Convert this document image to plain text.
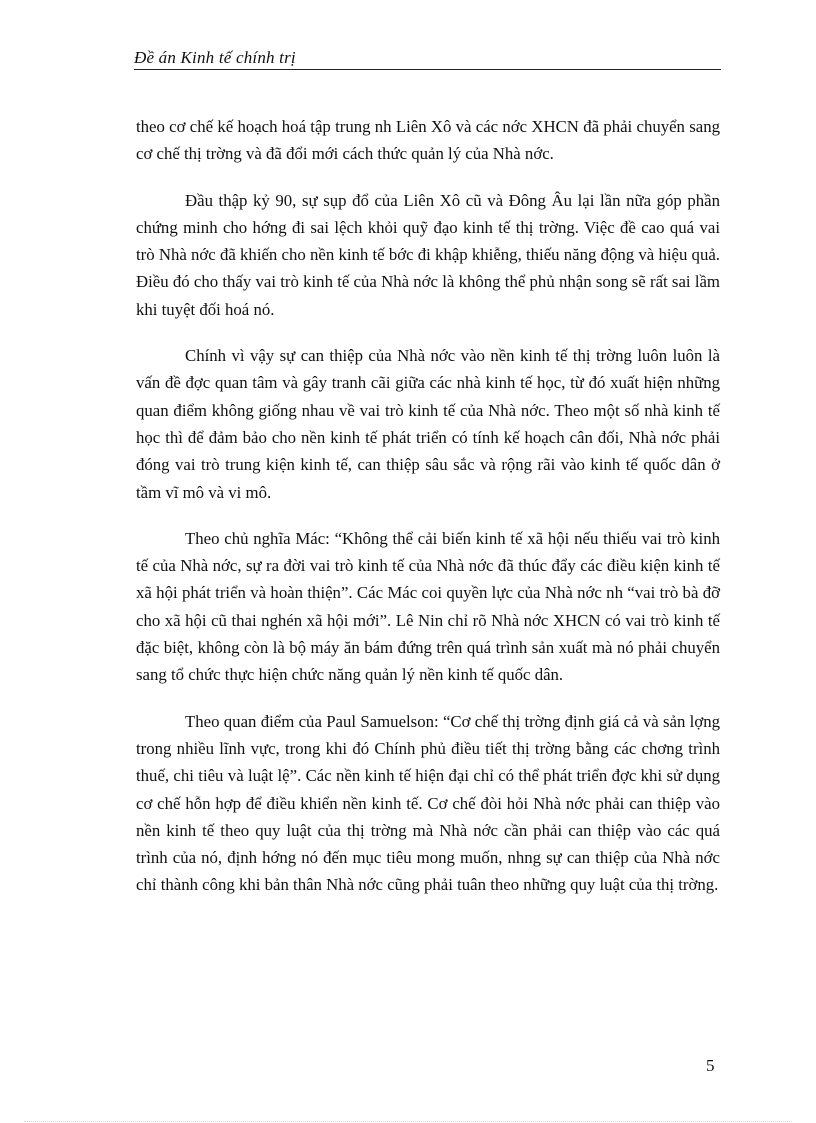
Đề án Kinh tế chính trị

theo cơ chế kế hoạch hoá tập trung nh Liên Xô và các nớc XHCN đã phải chuyển sang cơ chế thị trờng và đã đổi mới cách thức quản lý của Nhà nớc.

Đầu thập kỷ 90, sự sụp đổ của Liên Xô cũ và Đông Âu lại lần nữa góp phần chứng minh cho hớng đi sai lệch khỏi quỹ đạo kinh tế thị trờng. Việc đề cao quá vai trò Nhà nớc đã khiến cho nền kinh tế bớc đi khập khiễng, thiếu năng động và hiệu quả. Điều đó cho thấy vai trò kinh tế của Nhà nớc là không thể phủ nhận song sẽ rất sai lầm khi tuyệt đối hoá nó.

Chính vì vậy sự can thiệp của Nhà nớc vào nền kinh tế thị trờng luôn luôn là vấn đề đợc quan tâm và gây tranh cãi giữa các nhà kinh tế học, từ đó xuất hiện những quan điểm không giống nhau về vai trò kinh tế của Nhà nớc. Theo một số nhà kinh tế học thì để đảm bảo cho nền kinh tế phát triển có tính kế hoạch cân đối, Nhà nớc phải đóng vai trò trung kiện kinh tế, can thiệp sâu sắc và rộng rãi vào kinh tế quốc dân ở tầm vĩ mô và vi mô.

Theo chủ nghĩa Mác: “Không thể cải biến kinh tế xã hội nếu thiếu vai trò kinh tế của Nhà nớc, sự ra đời vai trò kinh tế của Nhà nớc đã thúc đẩy các điều kiện kinh tế xã hội phát triển và hoàn thiện”. Các Mác coi quyền lực của Nhà nớc nh “vai trò bà đỡ cho xã hội cũ thai nghén xã hội mới”. Lê Nin chỉ rõ Nhà nớc XHCN có vai trò kinh tế đặc biệt, không còn là bộ máy ăn bám đứng trên quá trình sản xuất mà nó phải chuyển sang tổ chức thực hiện chức năng quản lý nền kinh tế quốc dân.

Theo quan điểm của Paul Samuelson: “Cơ chế thị trờng định giá cả và sản lợng trong nhiều lĩnh vực, trong khi đó Chính phủ điều tiết thị trờng bằng các chơng trình thuế, chi tiêu và luật lệ”. Các nền kinh tế hiện đại chỉ có thể phát triển đợc khi sử dụng cơ chế hỗn hợp để điều khiển nền kinh tế. Cơ chế đòi hỏi Nhà nớc phải can thiệp vào nền kinh tế theo quy luật của thị trờng mà Nhà nớc cần phải can thiệp vào các quá trình của nó, định hớng nó đến mục tiêu mong muốn, nhng sự can thiệp của Nhà nớc chỉ thành công khi bản thân Nhà nớc cũng phải tuân theo những quy luật của thị trờng.

5
